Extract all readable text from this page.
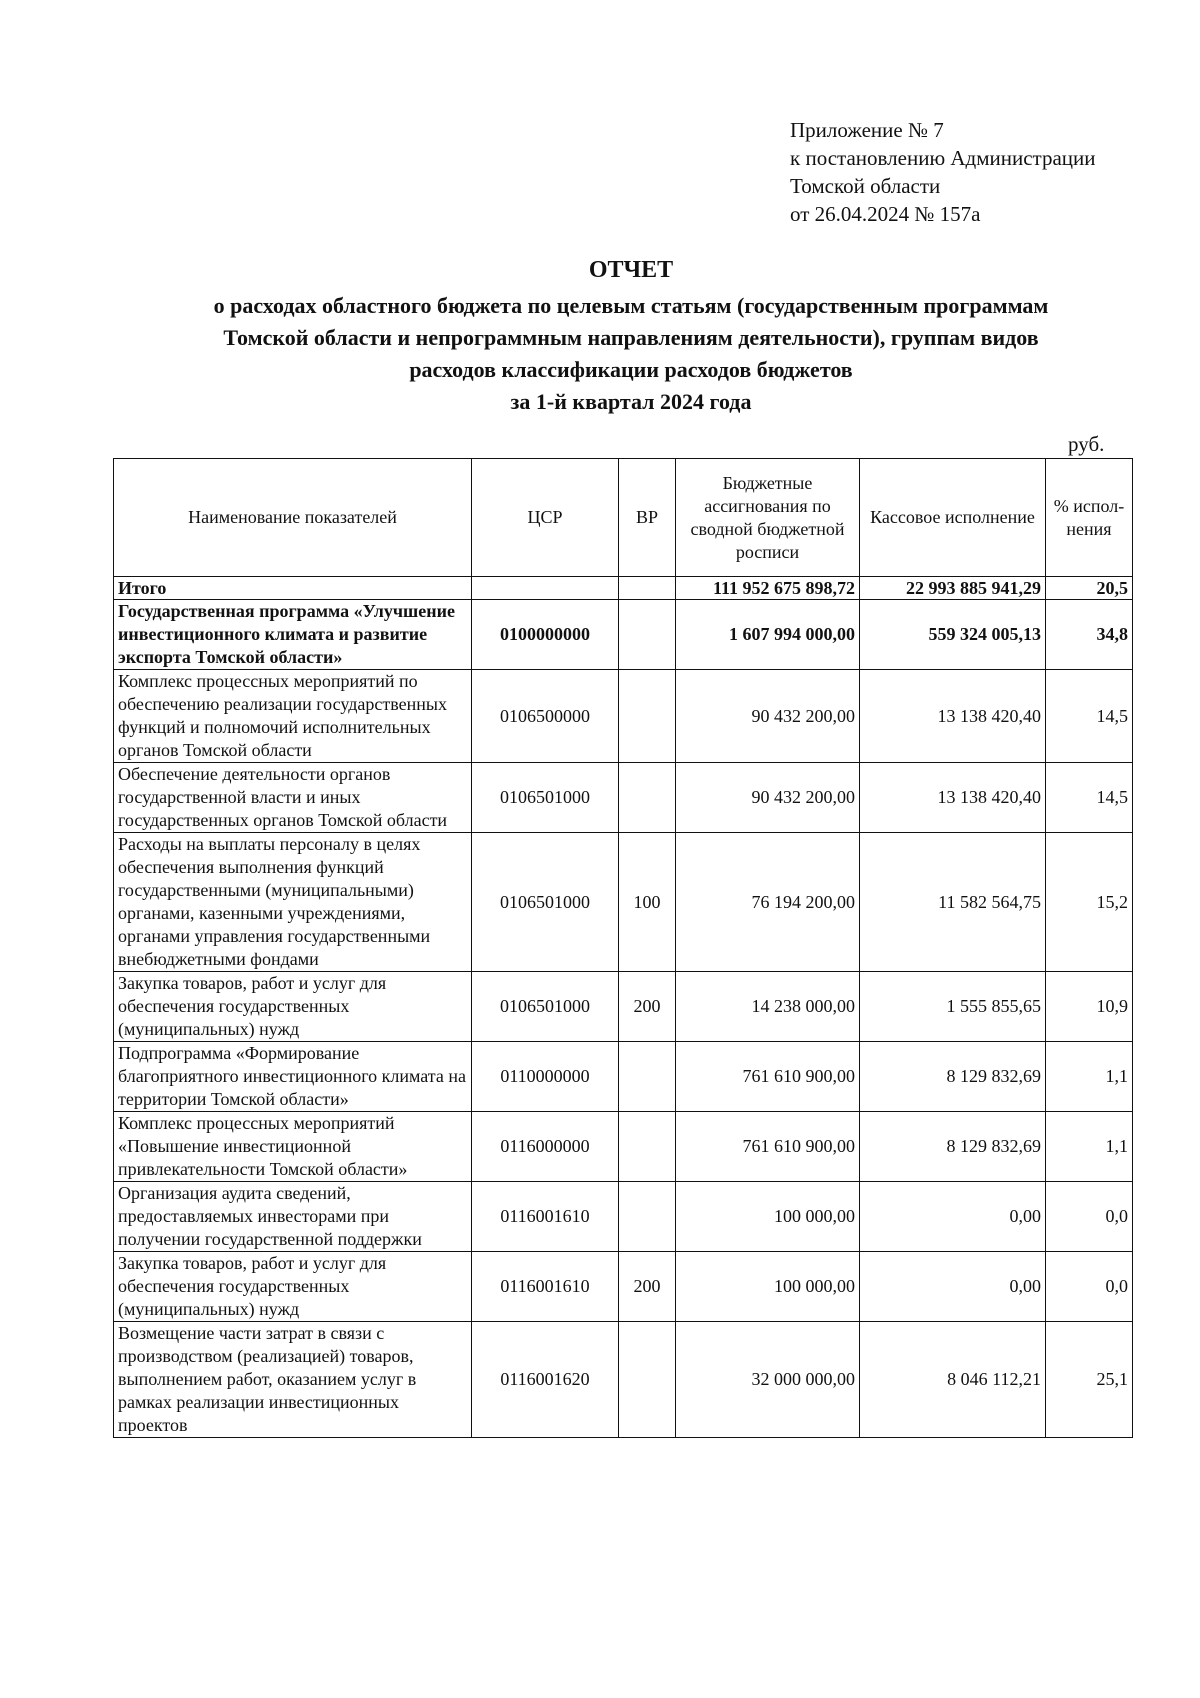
Приложение № 7
к постановлению Администрации
Томской области
от 26.04.2024 № 157а
ОТЧЕТ
о расходах областного бюджета по целевым статьям (государственным программам
Томской области и непрограммным направлениям деятельности), группам видов
расходов классификации расходов бюджетов
за 1-й квартал 2024 года
руб.
Наименование показателей	ЦСР	ВР	Бюджетные ассигнования по сводной бюджетной росписи	Кассовое исполнение	% испол-нения
Итого			111 952 675 898,72	22 993 885 941,29	20,5
Государственная программа «Улучшение инвестиционного климата и развитие экспорта Томской области»	0100000000		1 607 994 000,00	559 324 005,13	34,8
Комплекс процессных мероприятий по обеспечению реализации государственных функций и полномочий исполнительных органов Томской области	0106500000		90 432 200,00	13 138 420,40	14,5
Обеспечение деятельности органов государственной власти и иных государственных органов Томской области	0106501000		90 432 200,00	13 138 420,40	14,5
Расходы на выплаты персоналу в целях обеспечения выполнения функций государственными (муниципальными) органами, казенными учреждениями, органами управления государственными внебюджетными фондами	0106501000	100	76 194 200,00	11 582 564,75	15,2
Закупка товаров, работ и услуг для обеспечения государственных (муниципальных) нужд	0106501000	200	14 238 000,00	1 555 855,65	10,9
Подпрограмма «Формирование благоприятного инвестиционного климата на территории Томской области»	0110000000		761 610 900,00	8 129 832,69	1,1
Комплекс процессных мероприятий «Повышение инвестиционной привлекательности Томской области»	0116000000		761 610 900,00	8 129 832,69	1,1
Организация аудита сведений, предоставляемых инвесторами при получении государственной поддержки	0116001610		100 000,00	0,00	0,0
Закупка товаров, работ и услуг для обеспечения государственных (муниципальных) нужд	0116001610	200	100 000,00	0,00	0,0
Возмещение части затрат в связи с производством (реализацией) товаров, выполнением работ, оказанием услуг в рамках реализации инвестиционных проектов	0116001620		32 000 000,00	8 046 112,21	25,1
